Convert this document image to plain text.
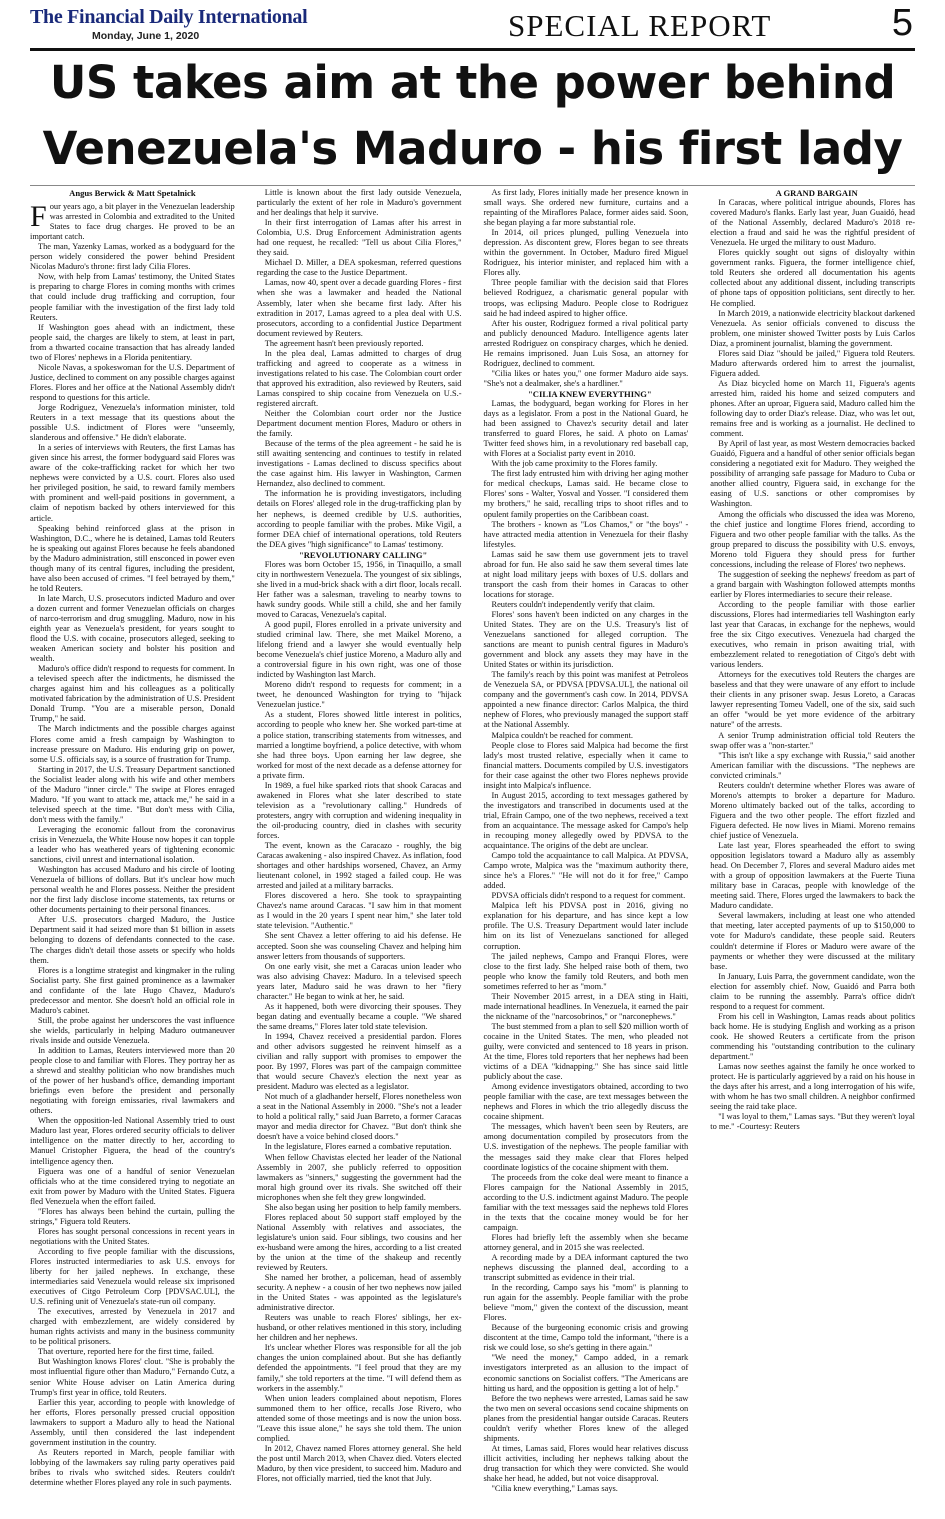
The Financial Daily International
Monday, June 1, 2020	SPECIAL REPORT	5
US takes aim at the power behind
Venezuela's Maduro - his first lady
Angus Berwick & Matt Spetalnick

Four years ago, a bit player in the Venezuelan leadership was arrested in Colombia and extradited to the United States to face drug charges. He proved to be an important catch.

The man, Yazenky Lamas, worked as a bodyguard for the person widely considered the power behind President Nicolas Maduro's throne: first lady Cilia Flores.

Now, with help from Lamas' testimony, the United States is preparing to charge Flores in coming months with crimes that could include drug trafficking and corruption, four people familiar with the investigation of the first lady told Reuters.

If Washington goes ahead with an indictment, these people said, the charges are likely to stem, at least in part, from a thwarted cocaine transaction that has already landed two of Flores' nephews in a Florida penitentiary.

Nicole Navas, a spokeswoman for the U.S. Department of Justice, declined to comment on any possible charges against Flores. Flores and her office at the National Assembly didn't respond to questions for this article.

Jorge Rodriguez, Venezuela's information minister, told Reuters in a text message that its questions about the possible U.S. indictment of Flores were "unseemly, slanderous and offensive." He didn't elaborate.

In a series of interviews with Reuters, the first Lamas has given since his arrest, the former bodyguard said Flores was aware of the coke-trafficking racket for which her two nephews were convicted by a U.S. court. Flores also used her privileged position, he said, to reward family members with prominent and well-paid positions in government, a claim of nepotism backed by others interviewed for this article.

Speaking behind reinforced glass at the prison in Washington, D.C., where he is detained, Lamas told Reuters he is speaking out against Flores because he feels abandoned by the Maduro administration, still ensconced in power even though many of its central figures, including the president, have also been accused of crimes. "I feel betrayed by them," he told Reuters.

In late March, U.S. prosecutors indicted Maduro and over a dozen current and former Venezuelan officials on charges of narco-terrorism and drug smuggling. Maduro, now in his eighth year as Venezuela's president, for years sought to flood the U.S. with cocaine, prosecutors alleged, seeking to weaken American society and bolster his position and wealth.

Maduro's office didn't respond to requests for comment. In a televised speech after the indictments, he dismissed the charges against him and his colleagues as a politically motivated fabrication by the administration of U.S. President Donald Trump. "You are a miserable person, Donald Trump," he said.

The March indictments and the possible charges against Flores come amid a fresh campaign by Washington to increase pressure on Maduro. His enduring grip on power, some U.S. officials say, is a source of frustration for Trump.

Starting in 2017, the U.S. Treasury Department sanctioned the Socialist leader along with his wife and other members of the Maduro "inner circle." The swipe at Flores enraged Maduro. "If you want to attack me, attack me," he said in a televised speech at the time. "But don't mess with Cilia, don't mess with the family."

Leveraging the economic fallout from the coronavirus crisis in Venezuela, the White House now hopes it can topple a leader who has weathered years of tightening economic sanctions, civil unrest and international isolation.

Washington has accused Maduro and his circle of looting Venezuela of billions of dollars. But it's unclear how much personal wealth he and Flores possess. Neither the president nor the first lady disclose income statements, tax returns or other documents pertaining to their personal finances.

After U.S. prosecutors charged Maduro, the Justice Department said it had seized more than $1 billion in assets belonging to dozens of defendants connected to the case. The charges didn't detail those assets or specify who holds them.

Flores is a longtime strategist and kingmaker in the ruling Socialist party. She first gained prominence as a lawmaker and confidante of the late Hugo Chavez, Maduro's predecessor and mentor. She doesn't hold an official role in Maduro's cabinet.

Still, the probe against her underscores the vast influence she wields, particularly in helping Maduro outmaneuver rivals inside and outside Venezuela.

In addition to Lamas, Reuters interviewed more than 20 people close to and familiar with Flores. They portray her as a shrewd and stealthy politician who now brandishes much of the power of her husband's office, demanding important briefings even before the president and personally negotiating with foreign emissaries, rival lawmakers and others.

When the opposition-led National Assembly tried to oust Maduro last year, Flores ordered security officials to deliver intelligence on the matter directly to her, according to Manuel Cristopher Figuera, the head of the country's intelligence agency then.

Figuera was one of a handful of senior Venezuelan officials who at the time considered trying to negotiate an exit from power by Maduro with the United States. Figuera fled Venezuela when the effort failed.

"Flores has always been behind the curtain, pulling the strings," Figuera told Reuters.

Flores has sought personal concessions in recent years in negotiations with the United States.

According to five people familiar with the discussions, Flores instructed intermediaries to ask U.S. envoys for liberty for her jailed nephews. In exchange, these intermediaries said Venezuela would release six imprisoned executives of Citgo Petroleum Corp [PDVSAC.UL], the U.S. refining unit of Venezuela's state-run oil company.

The executives, arrested by Venezuela in 2017 and charged with embezzlement, are widely considered by human rights activists and many in the business community to be political prisoners.

That overture, reported here for the first time, failed.

But Washington knows Flores' clout. "She is probably the most influential figure other than Maduro," Fernando Cutz, a senior White House adviser on Latin America during Trump's first year in office, told Reuters.

Earlier this year, according to people with knowledge of her efforts, Flores personally pressed crucial opposition lawmakers to support a Maduro ally to head the National Assembly, until then considered the last independent government institution in the country.

As Reuters reported in March, people familiar with lobbying of the lawmakers say ruling party operatives paid bribes to rivals who switched sides. Reuters couldn't determine whether Flores played any role in such payments.

Little is known about the first lady outside Venezuela, particularly the extent of her role in Maduro's government and her dealings that help it survive.

In their first interrogation of Lamas after his arrest in Colombia, U.S. Drug Enforcement Administration agents had one request, he recalled: "Tell us about Cilia Flores," they said.

Michael D. Miller, a DEA spokesman, referred questions regarding the case to the Justice Department.

Lamas, now 40, spent over a decade guarding Flores - first when she was a lawmaker and headed the National Assembly, later when she became first lady. After his extradition in 2017, Lamas agreed to a plea deal with U.S. prosecutors, according to a confidential Justice Department document reviewed by Reuters.

The agreement hasn't been previously reported.

In the plea deal, Lamas admitted to charges of drug trafficking and agreed to cooperate as a witness in investigations related to his case. The Colombian court order that approved his extradition, also reviewed by Reuters, said Lamas conspired to ship cocaine from Venezuela on U.S.-registered aircraft.

Neither the Colombian court order nor the Justice Department document mention Flores, Maduro or others in the family.

Because of the terms of the plea agreement - he said he is still awaiting sentencing and continues to testify in related investigations - Lamas declined to discuss specifics about the case against him. His lawyer in Washington, Carmen Hernandez, also declined to comment.

The information he is providing investigators, including details on Flores' alleged role in the drug-trafficking plan by her nephews, is deemed credible by U.S. authorities, according to people familiar with the probes. Mike Vigil, a former DEA chief of international operations, told Reuters the DEA gives "high significance" to Lamas' testimony.

"REVOLUTIONARY CALLING"

Flores was born October 15, 1956, in Tinaquillo, a small city in northwestern Venezuela. The youngest of six siblings, she lived in a mud-brick shack with a dirt floor, locals recall. Her father was a salesman, traveling to nearby towns to hawk sundry goods. While still a child, she and her family moved to Caracas, Venezuela's capital.

A good pupil, Flores enrolled in a private university and studied criminal law. There, she met Maikel Moreno, a lifelong friend and a lawyer she would eventually help become Venezuela's chief justice Moreno, a Maduro ally and a controversial figure in his own right, was one of those indicted by Washington last March.

Moreno didn't respond to requests for comment; in a tweet, he denounced Washington for trying to "hijack Venezuelan justice."

As a student, Flores showed little interest in politics, according to people who knew her. She worked part-time at a police station, transcribing statements from witnesses, and married a longtime boyfriend, a police detective, with whom she had three boys. Upon earning her law degree, she worked for most of the next decade as a defense attorney for a private firm.

In 1989, a fuel hike sparked riots that shook Caracas and awakened in Flores what she later described to state television as a "revolutionary calling." Hundreds of protesters, angry with corruption and widening inequality in the oil-producing country, died in clashes with security forces.

The event, known as the Caracazo - roughly, the big Caracas awakening - also inspired Chavez. As inflation, food shortages and other hardships worsened, Chavez, an Army lieutenant colonel, in 1992 staged a failed coup. He was arrested and jailed at a military barracks.

Flores discovered a hero. She took to spraypainting Chavez's name around Caracas. "I saw him in that moment as I would in the 20 years I spent near him," she later told state television. "Authentic."

She sent Chavez a letter offering to aid his defense. He accepted. Soon she was counseling Chavez and helping him answer letters from thousands of supporters.

On one early visit, she met a Caracas union leader who was also advising Chavez: Maduro. In a televised speech years later, Maduro said he was drawn to her "fiery character." He began to wink at her, he said.

As it happened, both were divorcing their spouses. They began dating and eventually became a couple. "We shared the same dreams," Flores later told state television.

In 1994, Chavez received a presidential pardon. Flores and other advisors suggested he reinvent himself as a civilian and rally support with promises to empower the poor. By 1997, Flores was part of the campaign committee that would secure Chavez's election the next year as president. Maduro was elected as a legislator.

Not much of a gladhander herself, Flores nonetheless won a seat in the National Assembly in 2000. "She's not a leader to hold a political rally," said Juan Barreto, a former Caracas mayor and media director for Chavez. "But don't think she doesn't have a voice behind closed doors."

In the legislature, Flores earned a combative reputation.

When fellow Chavistas elected her leader of the National Assembly in 2007, she publicly referred to opposition lawmakers as "sinners," suggesting the government had the moral high ground over its rivals. She switched off their microphones when she felt they grew longwinded.

She also began using her position to help family members.

Flores replaced about 50 support staff employed by the National Assembly with relatives and associates, the legislature's union said. Four siblings, two cousins and her ex-husband were among the hires, according to a list created by the union at the time of the shakeup and recently reviewed by Reuters.

She named her brother, a policeman, head of assembly security. A nephew - a cousin of her two nephews now jailed in the United States - was appointed as the legislature's administrative director.

Reuters was unable to reach Flores' siblings, her ex-husband, or other relatives mentioned in this story, including her children and her nephews.

It's unclear whether Flores was responsible for all the job changes the union complained about. But she has defiantly defended the appointments. "I feel proud that they are my family," she told reporters at the time. "I will defend them as workers in the assembly."

When union leaders complained about nepotism, Flores summoned them to her office, recalls Jose Rivero, who attended some of those meetings and is now the union boss. "Leave this issue alone," he says she told them. The union complied.

In 2012, Chavez named Flores attorney general. She held the post until March 2013, when Chavez died. Voters elected Maduro, by then vice president, to succeed him. Maduro and Flores, not officially married, tied the knot that July.

As first lady, Flores initially made her presence known in small ways. She ordered new furniture, curtains and a repainting of the Miraflores Palace, former aides said. Soon, she began playing a far more substantial role.

In 2014, oil prices plunged, pulling Venezuela into depression. As discontent grew, Flores began to see threats within the government. In October, Maduro fired Miguel Rodriguez, his interior minister, and replaced him with a Flores ally.

Three people familiar with the decision said that Flores believed Rodriguez, a charismatic general popular with troops, was eclipsing Maduro. People close to Rodriguez said he had indeed aspired to higher office.

After his ouster, Rodriguez formed a rival political party and publicly denounced Maduro. Intelligence agents later arrested Rodriguez on conspiracy charges, which he denied. He remains imprisoned. Juan Luis Sosa, an attorney for Rodriguez, declined to comment.

"Cilia likes or hates you," one former Maduro aide says. "She's not a dealmaker, she's a hardliner."

"CILIA KNEW EVERYTHING"

Lamas, the bodyguard, began working for Flores in her days as a legislator. From a post in the National Guard, he had been assigned to Chavez's security detail and later transferred to guard Flores, he said. A photo on Lamas' Twitter feed shows him, in a revolutionary red baseball cap, with Flores at a Socialist party event in 2010.

With the job came proximity to the Flores family.

The first lady entrusted him with driving her aging mother for medical checkups, Lamas said. He became close to Flores' sons - Walter, Yosval and Yosser. "I considered them my brothers," he said, recalling trips to shoot rifles and to opulent family properties on the Caribbean coast.

The brothers - known as "Los Chamos," or "the boys" - have attracted media attention in Venezuela for their flashy lifestyles.

Lamas said he saw them use government jets to travel abroad for fun. He also said he saw them several times late at night load military jeeps with boxes of U.S. dollars and transport the cash from their homes in Caracas to other locations for storage.

Reuters couldn't independently verify that claim.

Flores' sons haven't been indicted on any charges in the United States. They are on the U.S. Treasury's list of Venezuelans sanctioned for alleged corruption. The sanctions are meant to punish central figures in Maduro's government and block any assets they may have in the United States or within its jurisdiction.

The family's reach by this point was manifest at Petroleos de Venezuela SA, or PDVSA [PDVSA.UL], the national oil company and the government's cash cow. In 2014, PDVSA appointed a new finance director: Carlos Malpica, the third nephew of Flores, who previously managed the support staff at the National Assembly.

Malpica couldn't be reached for comment.

People close to Flores said Malpica had become the first lady's most trusted relative, especially when it came to financial matters. Documents compiled by U.S. investigators for their case against the other two Flores nephews provide insight into Malpica's influence.

In August 2015, according to text messages gathered by the investigators and transcribed in documents used at the trial, Efrain Campo, one of the two nephews, received a text from an acquaintance. The message asked for Campo's help in recouping money allegedly owed by PDVSA to the acquaintance. The origins of the debt are unclear.

Campo told the acquaintance to call Malpica. At PDVSA, Campo wrote, Malpica was the "maximum authority there, since he's a Flores." "He will not do it for free," Campo added.

PDVSA officials didn't respond to a request for comment.

Malpica left his PDVSA post in 2016, giving no explanation for his departure, and has since kept a low profile. The U.S. Treasury Department would later include him on its list of Venezuelans sanctioned for alleged corruption.

The jailed nephews, Campo and Franqui Flores, were close to the first lady. She helped raise both of them, two people who know the family told Reuters, and both men sometimes referred to her as "mom."

Their November 2015 arrest, in a DEA sting in Haiti, made international headlines. In Venezuela, it earned the pair the nickname of the "narcosobrinos," or "narconephews."

The bust stemmed from a plan to sell $20 million worth of cocaine in the United States. The men, who pleaded not guilty, were convicted and sentenced to 18 years in prison. At the time, Flores told reporters that her nephews had been victims of a DEA "kidnapping." She has since said little publicly about the case.

Among evidence investigators obtained, according to two people familiar with the case, are text messages between the nephews and Flores in which the trio allegedly discuss the cocaine shipment.

The messages, which haven't been seen by Reuters, are among documentation compiled by prosecutors from the U.S. investigation of the nephews. The people familiar with the messages said they make clear that Flores helped coordinate logistics of the cocaine shipment with them.

The proceeds from the coke deal were meant to finance a Flores campaign for the National Assembly in 2015, according to the U.S. indictment against Maduro. The people familiar with the text messages said the nephews told Flores in the texts that the cocaine money would be for her campaign.

Flores had briefly left the assembly when she became attorney general, and in 2015 she was reelected.

A recording made by a DEA informant captured the two nephews discussing the planned deal, according to a transcript submitted as evidence in their trial.

In the recording, Campo says his "mom" is planning to run again for the assembly. People familiar with the probe believe "mom," given the context of the discussion, meant Flores.

Because of the burgeoning economic crisis and growing discontent at the time, Campo told the informant, "there is a risk we could lose, so she's getting in there again."

"We need the money," Campo added, in a remark investigators interpreted as an allusion to the impact of economic sanctions on Socialist coffers. "The Americans are hitting us hard, and the opposition is getting a lot of help."

Before the two nephews were arrested, Lamas said he saw the two men on several occasions send cocaine shipments on planes from the presidential hangar outside Caracas. Reuters couldn't verify whether Flores knew of the alleged shipments.

At times, Lamas said, Flores would hear relatives discuss illicit activities, including her nephews talking about the drug transaction for which they were convicted. She would shake her head, he added, but not voice disapproval.

"Cilia knew everything," Lamas says.

A GRAND BARGAIN

In Caracas, where political intrigue abounds, Flores has covered Maduro's flanks. Early last year, Juan Guaidó, head of the National Assembly, declared Maduro's 2018 re-election a fraud and said he was the rightful president of Venezuela. He urged the military to oust Maduro.

Flores quickly sought out signs of disloyalty within government ranks. Figuera, the former intelligence chief, told Reuters she ordered all documentation his agents collected about any additional dissent, including transcripts of phone taps of opposition politicians, sent directly to her. He complied.

In March 2019, a nationwide electricity blackout darkened Venezuela. As senior officials convened to discuss the problem, one minister showed Twitter posts by Luis Carlos Diaz, a prominent journalist, blaming the government.

Flores said Diaz "should be jailed," Figuera told Reuters. Maduro afterwards ordered him to arrest the journalist, Figuera added.

As Diaz bicycled home on March 11, Figuera's agents arrested him, raided his home and seized computers and phones. After an uproar, Figuera said, Maduro called him the following day to order Diaz's release. Diaz, who was let out, remains free and is working as a journalist. He declined to comment.

By April of last year, as most Western democracies backed Guaidó, Figuera and a handful of other senior officials began considering a negotiated exit for Maduro. They weighed the possibility of arranging safe passage for Maduro to Cuba or another allied country, Figuera said, in exchange for the easing of U.S. sanctions or other compromises by Washington.

Among the officials who discussed the idea was Moreno, the chief justice and longtime Flores friend, according to Figuera and two other people familiar with the talks. As the group prepared to discuss the possibility with U.S. envoys, Moreno told Figuera they should press for further concessions, including the release of Flores' two nephews.

The suggestion of seeking the nephews' freedom as part of a grand bargain with Washington followed attempts months earlier by Flores intermediaries to secure their release.

According to the people familiar with those earlier discussions, Flores had intermediaries tell Washington early last year that Caracas, in exchange for the nephews, would free the six Citgo executives. Venezuela had charged the executives, who remain in prison awaiting trial, with embezzlement related to renegotiation of Citgo's debt with various lenders.

Attorneys for the executives told Reuters the charges are baseless and that they were unaware of any effort to include their clients in any prisoner swap. Jesus Loreto, a Caracas lawyer representing Tomeu Vadell, one of the six, said such an offer "would be yet more evidence of the arbitrary nature" of the arrests.

A senior Trump administration official told Reuters the swap offer was a "non-starter."

"This isn't like a spy exchange with Russia," said another American familiar with the discussions. "The nephews are convicted criminals."

Reuters couldn't determine whether Flores was aware of Moreno's attempts to broker a departure for Maduro. Moreno ultimately backed out of the talks, according to Figuera and the two other people. The effort fizzled and Figuera defected. He now lives in Miami. Moreno remains chief justice of Venezuela.

Late last year, Flores spearheaded the effort to swing opposition legislators toward a Maduro ally as assembly head. On December 7, Flores and several Maduro aides met with a group of opposition lawmakers at the Fuerte Tiuna military base in Caracas, people with knowledge of the meeting said. There, Flores urged the lawmakers to back the Maduro candidate.

Several lawmakers, including at least one who attended that meeting, later accepted payments of up to $150,000 to vote for Maduro's candidate, these people said. Reuters couldn't determine if Flores or Maduro were aware of the payments or whether they were discussed at the military base.

In January, Luis Parra, the government candidate, won the election for assembly chief. Now, Guaidó and Parra both claim to be running the assembly. Parra's office didn't respond to a request for comment.

From his cell in Washington, Lamas reads about politics back home. He is studying English and working as a prison cook. He showed Reuters a certificate from the prison commending his "outstanding contribution to the culinary department."

Lamas now seethes against the family he once worked to protect. He is particularly aggrieved by a raid on his house in the days after his arrest, and a long interrogation of his wife, with whom he has two small children. A neighbor confirmed seeing the raid take place.

"I was loyal to them," Lamas says. "But they weren't loyal to me." -Courtesy: Reuters
